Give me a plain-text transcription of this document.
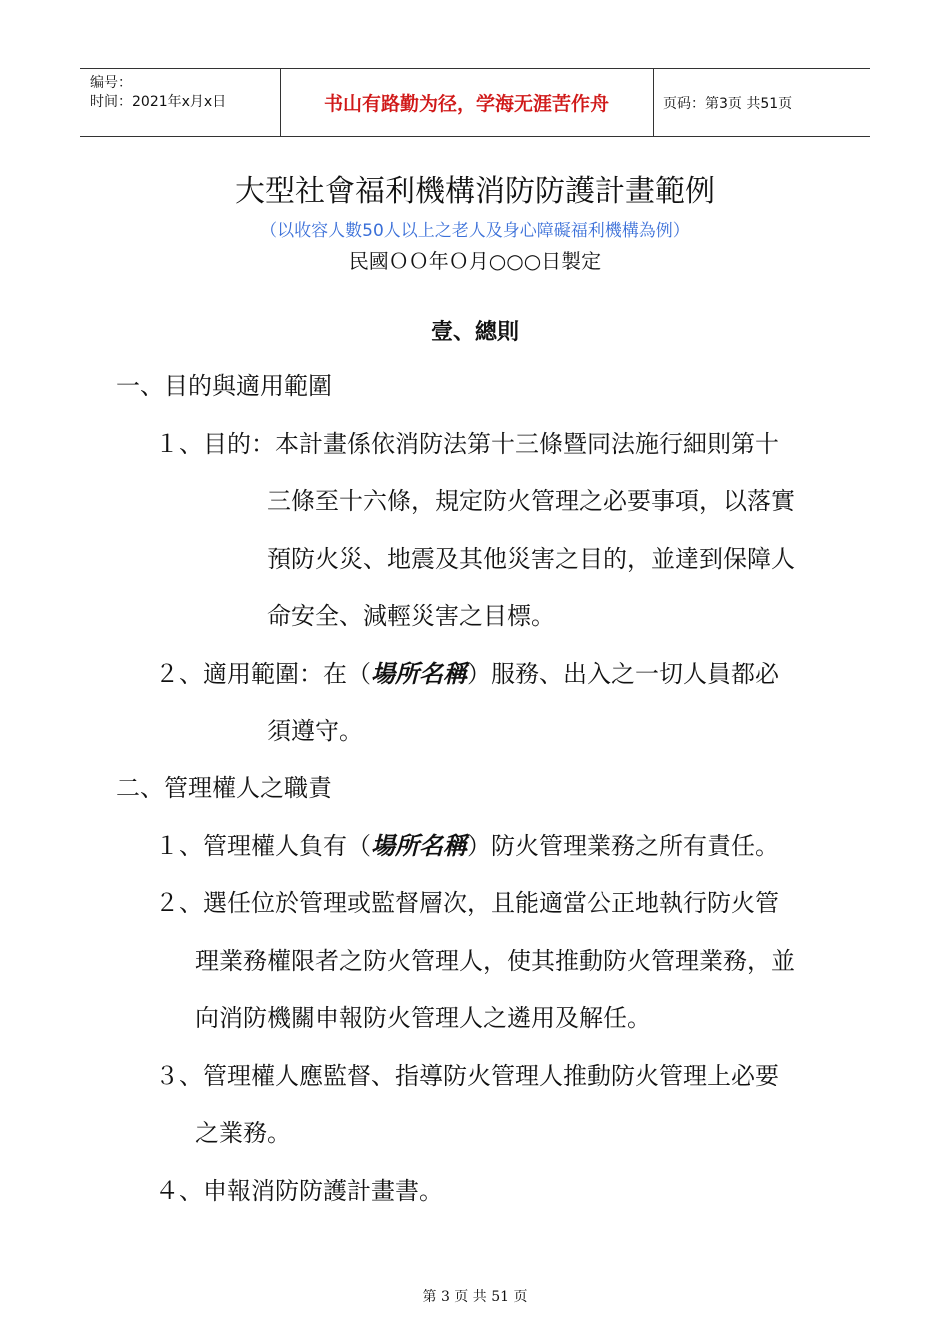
编号：
时间：2021年x月x日	书山有路勤为径，学海无涯苦作舟	页码：第3页 共51页
大型社會福利機構消防防護計畫範例
（以收容人數50人以上之老人及身心障礙福利機構為例）
民國ＯＯ年Ｏ月○○○日製定
壹、總則
一、目的與適用範圍
１、目的：本計畫係依消防法第十三條暨同法施行細則第十
三條至十六條，規定防火管理之必要事項，以落實
預防火災、地震及其他災害之目的，並達到保障人
命安全、減輕災害之目標。
２、適用範圍：在（場所名稱）服務、出入之一切人員都必
須遵守。
二、管理權人之職責
１、管理權人負有（場所名稱）防火管理業務之所有責任。
２、選任位於管理或監督層次，且能適當公正地執行防火管
理業務權限者之防火管理人，使其推動防火管理業務，並
向消防機關申報防火管理人之遴用及解任。
３、管理權人應監督、指導防火管理人推動防火管理上必要
之業務。
４、申報消防防護計畫書。
第 3 页 共 51 页
